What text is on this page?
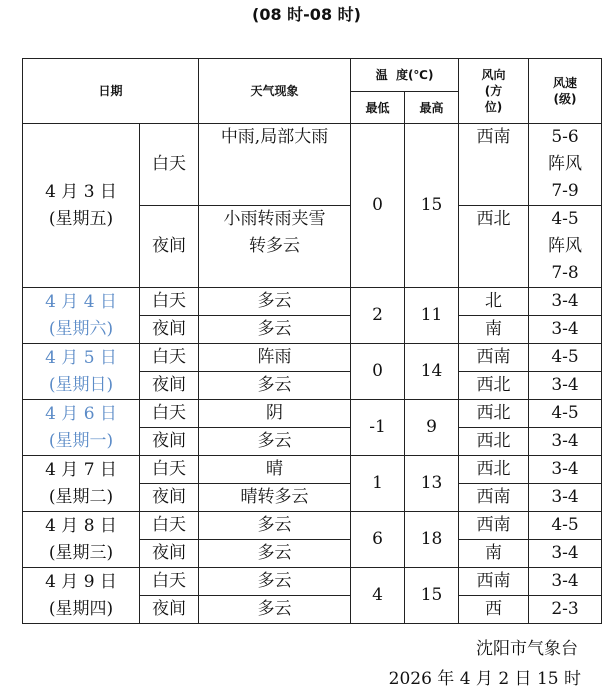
(08 时-08 时)
日期		天气现象	温  度(℃)		风向
(方
位)	风速
(级)

			最低	最高		

4 月 3 日
(星期五)	白天	中雨,局部大雨	0	15	西南	5-6
阵风
7-9

	夜间	小雨转雨夹雪
转多云			西北	4-5
阵风
7-8

4 月 4 日
(星期六)	白天	多云	2	11	北	3-4

	夜间	多云			南	3-4

4 月 5 日
(星期日)	白天	阵雨	0	14	西南	4-5

	夜间	多云			西北	3-4

4 月 6 日
(星期一)	白天	阴	-1	9	西北	4-5

	夜间	多云			西北	3-4

4 月 7 日
(星期二)	白天	晴	1	13	西北	3-4

	夜间	晴转多云			西南	3-4

4 月 8 日
(星期三)	白天	多云	6	18	西南	4-5

	夜间	多云			南	3-4

4 月 9 日
(星期四)	白天	多云	4	15	西南	3-4

	夜间	多云			西	2-3
沈阳市气象台
2026 年 4 月 2 日 15 时
